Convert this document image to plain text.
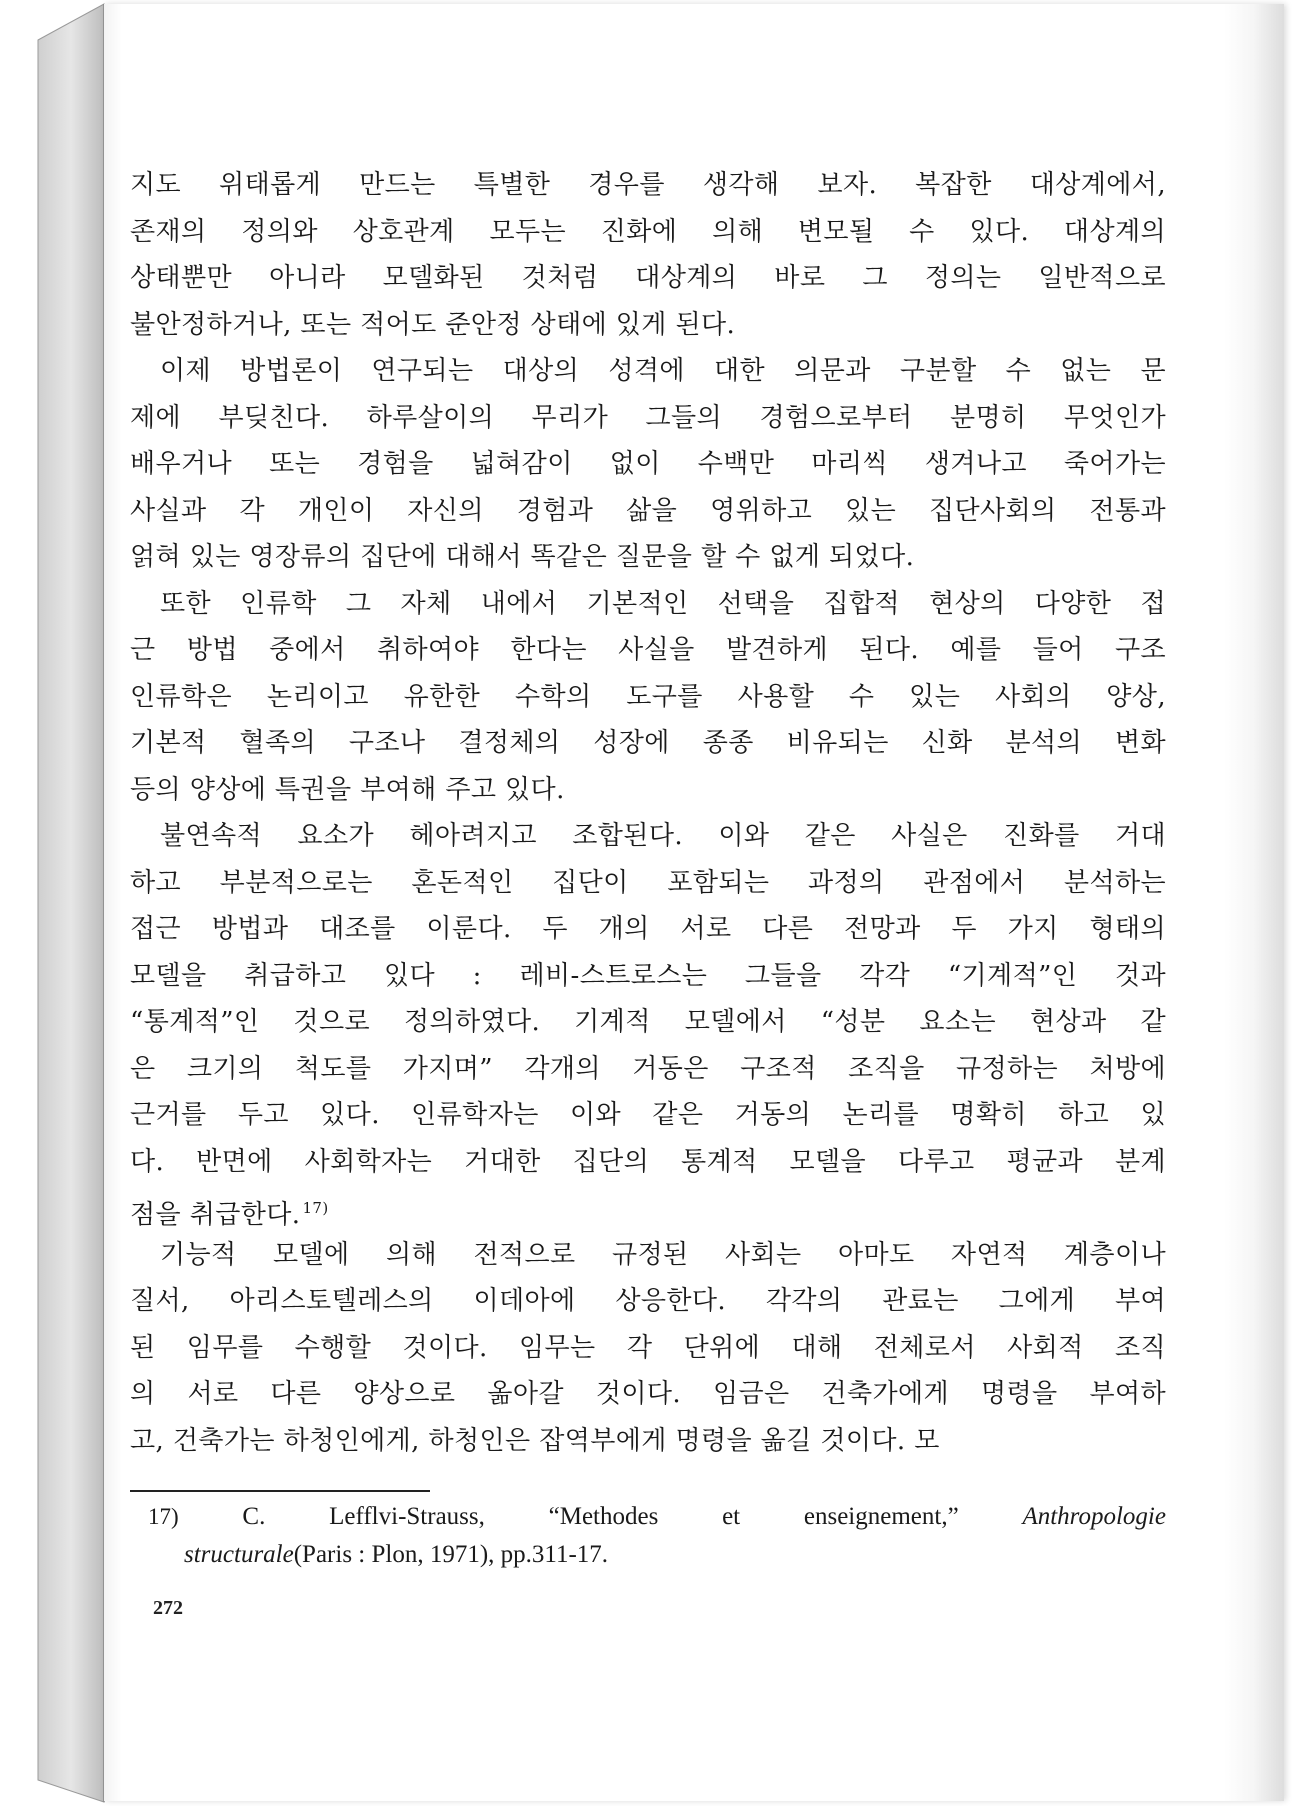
지도 위태롭게 만드는 특별한 경우를 생각해 보자. 복잡한 대상계에서,
존재의 정의와 상호관계 모두는 진화에 의해 변모될 수 있다. 대상계의
상태뿐만 아니라 모델화된 것처럼 대상계의 바로 그 정의는 일반적으로
불안정하거나, 또는 적어도 준안정 상태에 있게 된다.
이제 방법론이 연구되는 대상의 성격에 대한 의문과 구분할 수 없는 문
제에 부딪친다. 하루살이의 무리가 그들의 경험으로부터 분명히 무엇인가
배우거나 또는 경험을 넓혀감이 없이 수백만 마리씩 생겨나고 죽어가는
사실과 각 개인이 자신의 경험과 삶을 영위하고 있는 집단사회의 전통과
얽혀 있는 영장류의 집단에 대해서 똑같은 질문을 할 수 없게 되었다.
또한 인류학 그 자체 내에서 기본적인 선택을 집합적 현상의 다양한 접
근 방법 중에서 취하여야 한다는 사실을 발견하게 된다. 예를 들어 구조
인류학은 논리이고 유한한 수학의 도구를 사용할 수 있는 사회의 양상,
기본적 혈족의 구조나 결정체의 성장에 종종 비유되는 신화 분석의 변화
등의 양상에 특권을 부여해 주고 있다.
불연속적 요소가 헤아려지고 조합된다. 이와 같은 사실은 진화를 거대
하고 부분적으로는 혼돈적인 집단이 포함되는 과정의 관점에서 분석하는
접근 방법과 대조를 이룬다. 두 개의 서로 다른 전망과 두 가지 형태의
모델을 취급하고 있다 : 레비-스트로스는 그들을 각각 “기계적”인 것과
“통계적”인 것으로 정의하였다. 기계적 모델에서 “성분 요소는 현상과 같
은 크기의 척도를 가지며” 각개의 거동은 구조적 조직을 규정하는 처방에
근거를 두고 있다. 인류학자는 이와 같은 거동의 논리를 명확히 하고 있
다. 반면에 사회학자는 거대한 집단의 통계적 모델을 다루고 평균과 분계
점을 취급한다. $^{17)}$
기능적 모델에 의해 전적으로 규정된 사회는 아마도 자연적 계층이나
질서, 아리스토텔레스의 이데아에 상응한다. 각각의 관료는 그에게 부여
된 임무를 수행할 것이다. 임무는 각 단위에 대해 전체로서 사회적 조직
의 서로 다른 양상으로 옮아갈 것이다. 임금은 건축가에게 명령을 부여하
고, 건축가는 하청인에게, 하청인은 잡역부에게 명령을 옮길 것이다. 모
17)	C.	Lefflvi-Strauss,	“Methodes	et	enseignement,”	Anthropologie
structurale(Paris : Plon, 1971), pp.311-17.
272
